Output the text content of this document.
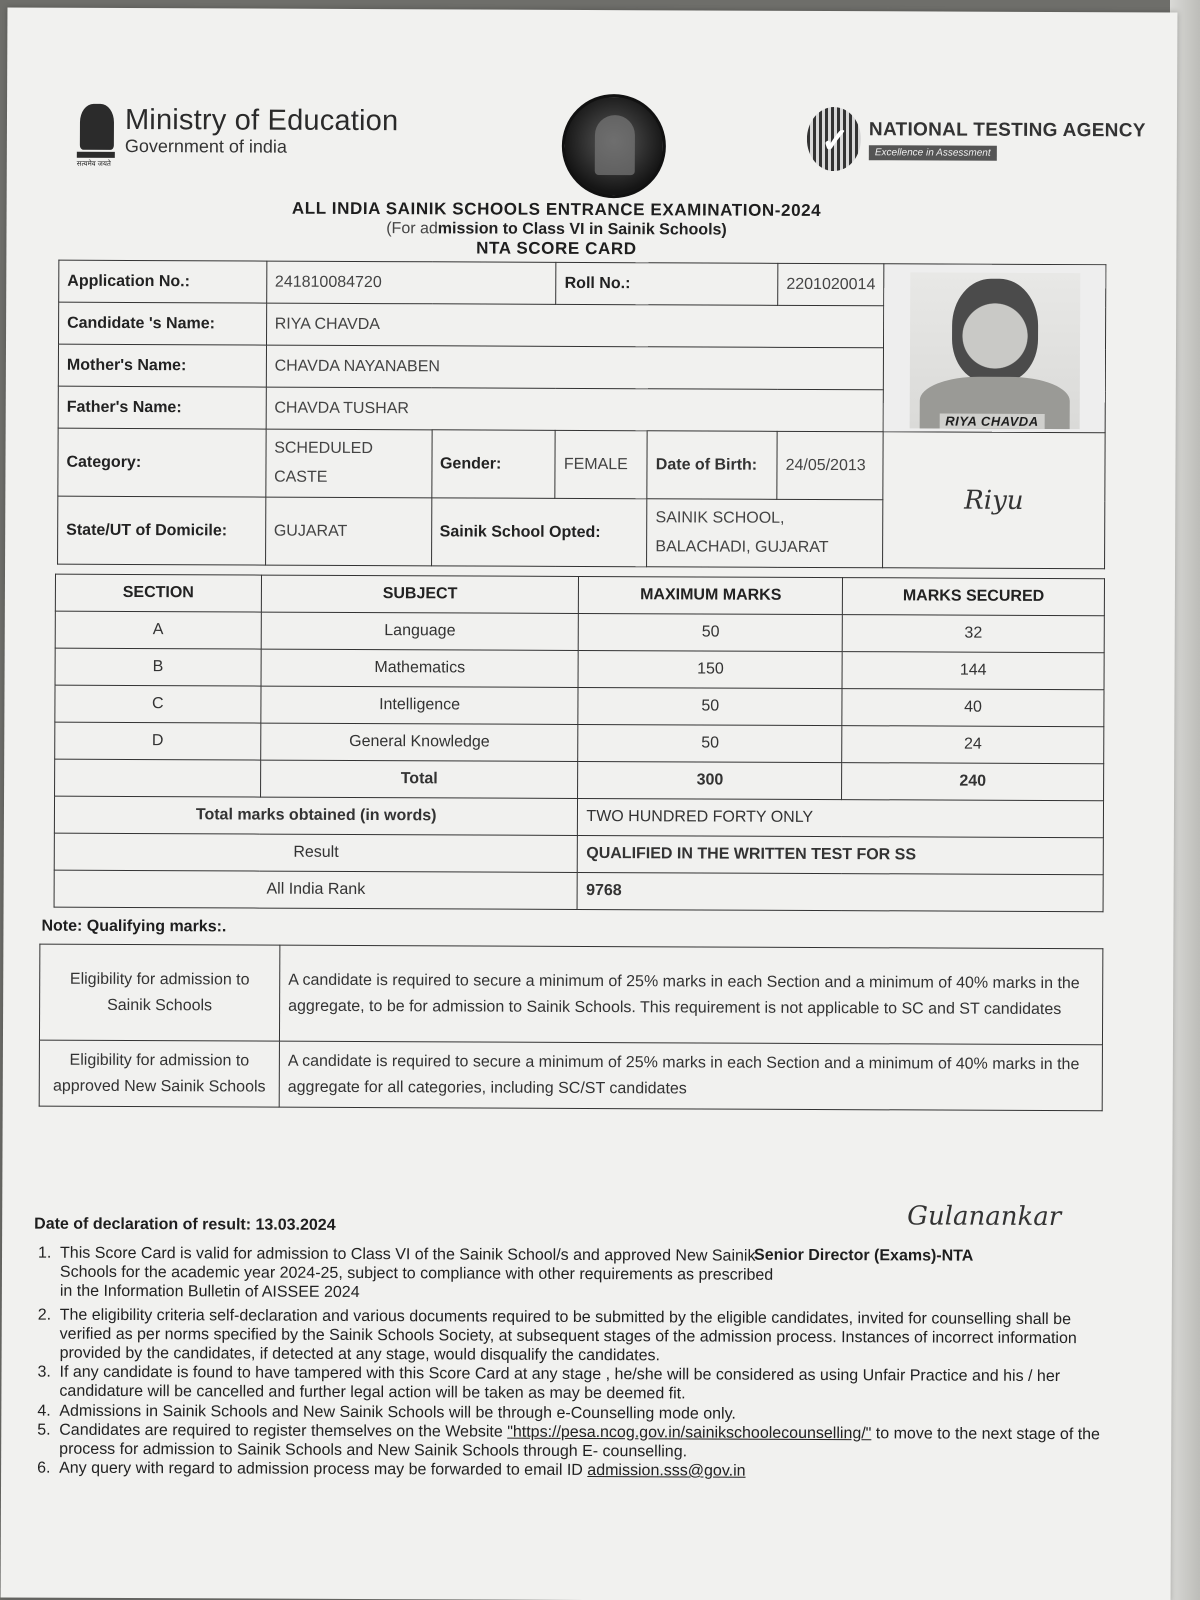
सत्यमेव जयते
Ministry of Education
Government of india	✓ NATIONAL TESTING AGENCY
Excellence in Assessment
ALL INDIA SAINIK SCHOOLS ENTRANCE EXAMINATION-2024
(For admission to Class VI in Sainik Schools)
NTA SCORE CARD
Application No.:	241810084720		Roll No.:		2201020014	RIYA CHAVDA

Candidate 's Name:	RIYA CHAVDA					
Mother's Name:	CHAVDA NAYANABEN					
Father's Name:	CHAVDA TUSHAR					
Category:	SCHEDULED CASTE	Gender:	FEMALE	Date of Birth:	24/05/2013	Riyu
State/UT of Domicile:	GUJARAT	Sainik School Opted:		SAINIK SCHOOL, BALACHADI, GUJARAT		
SECTION	SUBJECT	MAXIMUM MARKS	MARKS SECURED
A	Language	50	32
B	Mathematics	150	144
C	Intelligence	50	40
D	General Knowledge	50	24
	Total	300	240
Total marks obtained (in words)		TWO HUNDRED FORTY ONLY	
Result		QUALIFIED IN THE WRITTEN TEST FOR SS	
All India Rank		9768	
Note: Qualifying marks:.
Eligibility for admission to Sainik Schools	A candidate is required to secure a minimum of 25% marks in each Section and a minimum of 40% marks in the aggregate, to be for admission to Sainik Schools. This requirement is not applicable to SC and ST candidates
Eligibility for admission to approved New Sainik Schools	A candidate is required to secure a minimum of 25% marks in each Section and a minimum of 40% marks in the aggregate for all categories, including SC/ST candidates
Date of declaration of result: 13.03.2024	Gulanankar
Senior Director (Exams)-NTA
1. This Score Card is valid for admission to Class VI of the Sainik School/s and approved New Sainik Schools for the academic year 2024-25, subject to compliance with other requirements as prescribed in the Information Bulletin of AISSEE 2024
2. The eligibility criteria self-declaration and various documents required to be submitted by the eligible candidates, invited for counselling shall be verified as per norms specified by the Sainik Schools Society, at subsequent stages of the admission process. Instances of incorrect information provided by the candidates, if detected at any stage, would disqualify the candidates.
3. If any candidate is found to have tampered with this Score Card at any stage , he/she will be considered as using Unfair Practice and his / her candidature will be cancelled and further legal action will be taken as may be deemed fit.
4. Admissions in Sainik Schools and New Sainik Schools will be through e-Counselling mode only.
5. Candidates are required to register themselves on the Website "https://pesa.ncog.gov.in/sainikschoolecounselling/" to move to the next stage of the process for admission to Sainik Schools and New Sainik Schools through E- counselling.
6. Any query with regard to admission process may be forwarded to email ID admission.sss@gov.in
